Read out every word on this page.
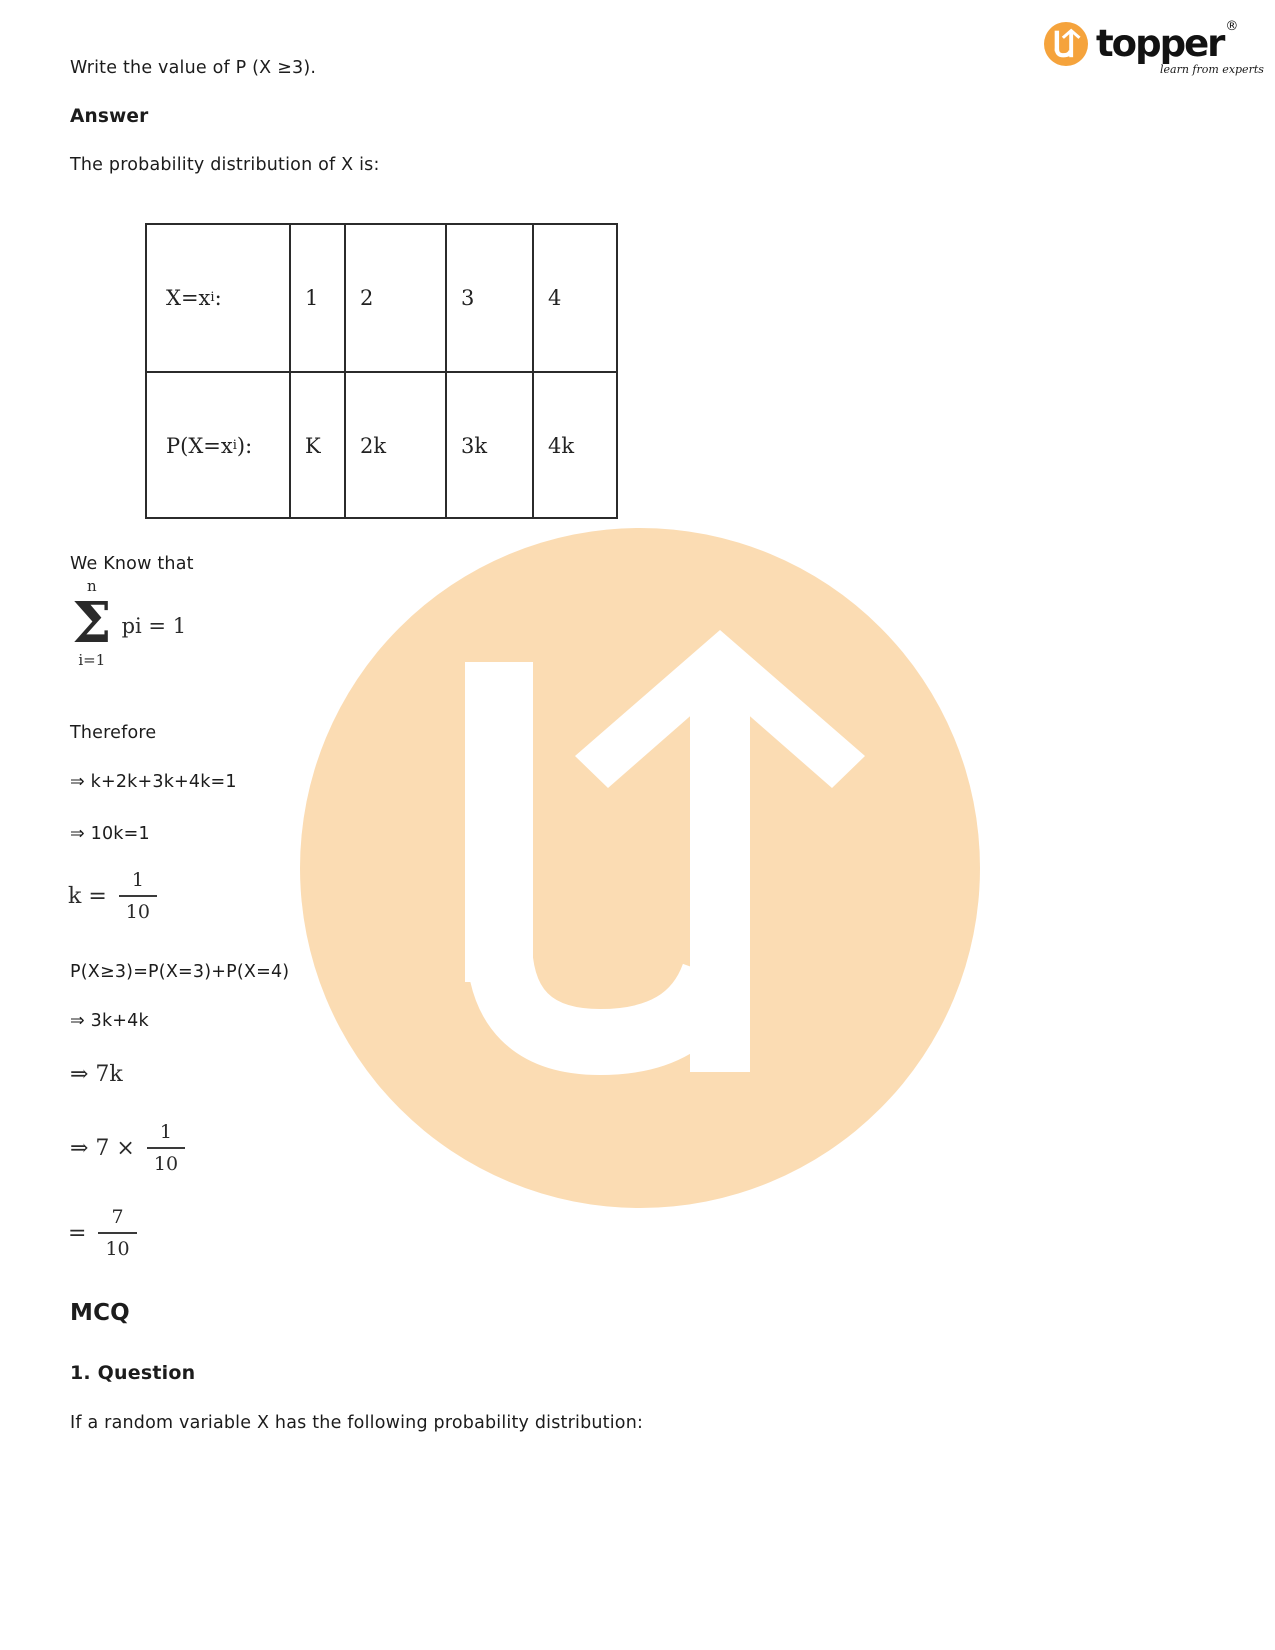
topper ®
learn from experts
Write the value of P (X ≥3).
Answer
The probability distribution of X is:
X=x i :	1	2	3	4
P(X=x i ):	K	2k	3k	4k
We Know that
n
Σ
i=1
pi = 1
Therefore
⇒ k+2k+3k+4k=1
⇒ 10k=1
$k = \frac{1}{10}$
P(X≥3)=P(X=3)+P(X=4)
⇒ 3k+4k
⇒ 7k
⇒ $7 \times \frac{1}{10}$
= $\frac{7}{10}$
MCQ
1. Question
If a random variable X has the following probability distribution:
